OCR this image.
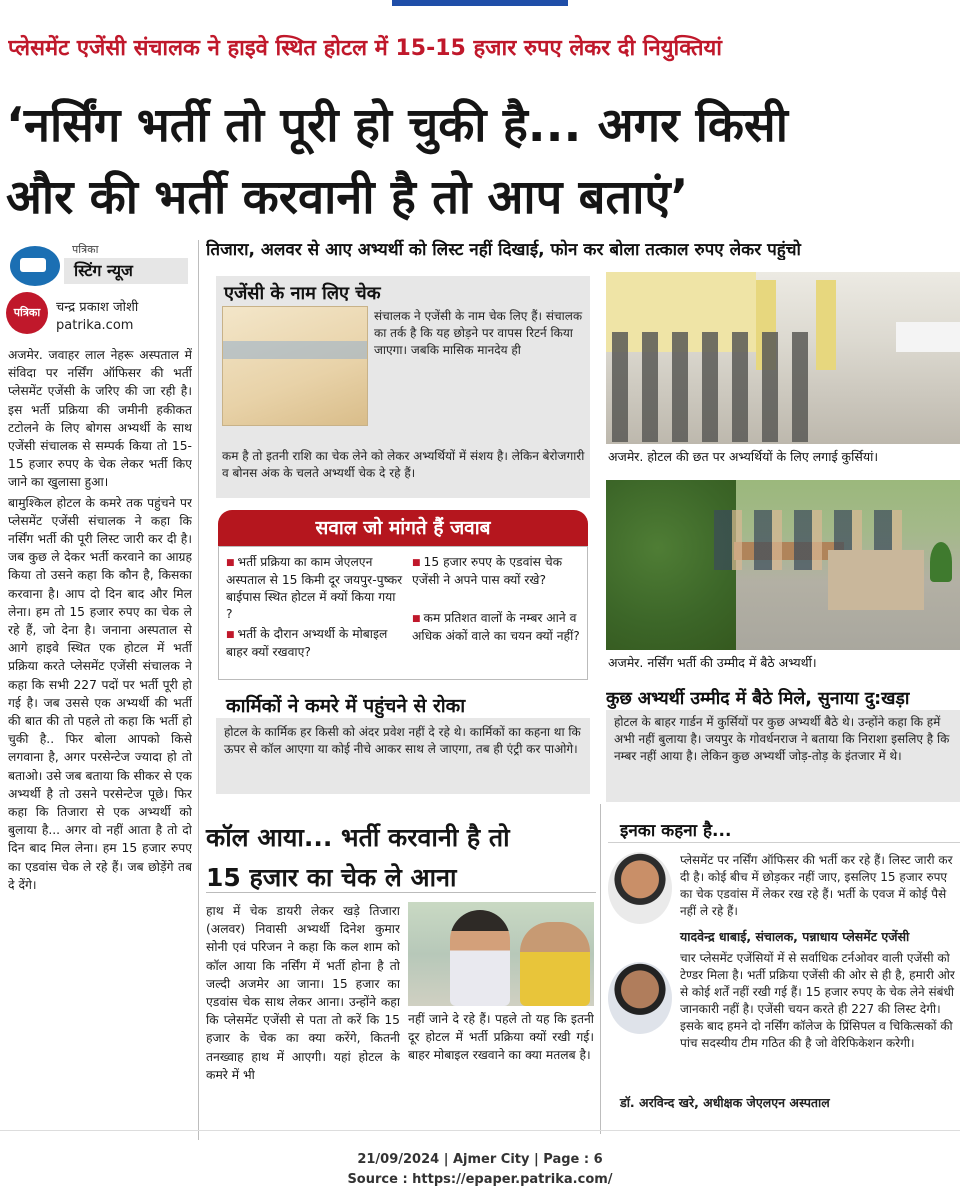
प्लेसमेंट एजेंसी संचालक ने हाइवे स्थित होटल में 15-15 हजार रुपए लेकर दी नियुक्तियां
‘नर्सिंग भर्ती तो पूरी हो चुकी है... अगर किसी
और की भर्ती करवानी है तो आप बताएं’
पत्रिका
स्टिंग न्यूज
तिजारा, अलवर से आए अभ्यर्थी को लिस्ट नहीं दिखाई, फोन कर बोला तत्काल रुपए लेकर पहुंचो
पत्रिका	चन्द्र प्रकाश जोशी
patrika.com

अजमेर. जवाहर लाल नेहरू अस्पताल में संविदा पर नर्सिंग ऑफिसर की भर्ती प्लेसमेंट एजेंसी के जरिए की जा रही है। इस भर्ती प्रक्रिया की जमीनी हकीकत टटोलने के लिए बोगस अभ्यर्थी के साथ एजेंसी संचालक से सम्पर्क किया तो 15-15 हजार रुपए के चेक लेकर भर्ती किए जाने का खुलासा हुआ।

बामुश्किल होटल के कमरे तक पहुंचने पर प्लेसमेंट एजेंसी संचालक ने कहा कि नर्सिंग भर्ती की पूरी लिस्ट जारी कर दी है। जब कुछ ले देकर भर्ती करवाने का आग्रह किया तो उसने कहा कि कौन है, किसका करवाना है। आप दो दिन बाद और मिल लेना। हम तो 15 हजार रुपए का चेक ले रहे हैं, जो देना है। जनाना अस्पताल से आगे हाइवे स्थित एक होटल में भर्ती प्रक्रिया करते प्लेसमेंट एजेंसी संचालक ने कहा कि सभी 227 पदों पर भर्ती पूरी हो गई है। जब उससे एक अभ्यर्थी की भर्ती की बात की तो पहले तो कहा कि भर्ती हो चुकी है.. फिर बोला आपको किसे लगवाना है, अगर परसेन्टेज ज्यादा हो तो बताओ। उसे जब बताया कि सीकर से एक अभ्यर्थी है तो उसने परसेन्टेज पूछे। फिर कहा कि तिजारा से एक अभ्यर्थी को बुलाया है... अगर वो नहीं आता है तो दो दिन बाद मिल लेना। हम 15 हजार रुपए का एडवांस चेक ले रहे हैं। जब छोड़ेंगे तब दे देंगे।

एजेंसी के नाम लिए चेक
संचालक ने एजेंसी के नाम चेक लिए हैं। संचालक का तर्क है कि यह छोड़ने पर वापस रिटर्न किया जाएगा। जबकि मासिक मानदेय ही
कम है तो इतनी राशि का चेक लेने को लेकर अभ्यर्थियों में संशय है। लेकिन बेरोजगारी व बोनस अंक के चलते अभ्यर्थी चेक दे रहे हैं।
अजमेर. होटल की छत पर अभ्यर्थियों के लिए लगाई कुर्सियां।
सवाल जो मांगते हैं जवाब
■ भर्ती प्रक्रिया का काम जेएलएन अस्पताल से 15 किमी दूर जयपुर-पुष्कर बाईपास स्थित होटल में क्यों किया गया ?
■ भर्ती के दौरान अभ्यर्थी के मोबाइल बाहर क्यों रखवाए?
■ 15 हजार रुपए के एडवांस चेक एजेंसी ने अपने पास क्यों रखे?
■ कम प्रतिशत वालों के नम्बर आने व अधिक अंकों वाले का चयन क्यों नहीं?
अजमेर. नर्सिंग भर्ती की उम्मीद में बैठे अभ्यर्थी।
कार्मिकों ने कमरे में पहुंचने से रोका
होटल के कार्मिक हर किसी को अंदर प्रवेश नहीं दे रहे थे। कार्मिकों का कहना था कि ऊपर से कॉल आएगा या कोई नीचे आकर साथ ले जाएगा, तब ही एंट्री कर पाओगे।
कुछ अभ्यर्थी उम्मीद में बैठे मिले, सुनाया दु:खड़ा
होटल के बाहर गार्डन में कुर्सियों पर कुछ अभ्यर्थी बैठे थे। उन्होंने कहा कि हमें अभी नहीं बुलाया है। जयपुर के गोवर्धनराज ने बताया कि निराशा इसलिए है कि नम्बर नहीं आया है। लेकिन कुछ अभ्यर्थी जोड़-तोड़ के इंतजार में थे।
कॉल आया... भर्ती करवानी है तो
15 हजार का चेक ले आना
हाथ में चेक डायरी लेकर खड़े तिजारा (अलवर) निवासी अभ्यर्थी दिनेश कुमार सोनी एवं परिजन ने कहा कि कल शाम को कॉल आया कि नर्सिंग में भर्ती होना है तो जल्दी अजमेर आ जाना। 15 हजार का एडवांस चेक साथ लेकर आना। उन्होंने कहा कि प्लेसमेंट एजेंसी से पता तो करें कि 15 हजार के चेक का क्या करेंगे, कितनी तनख्वाह हाथ में आएगी। यहां होटल के कमरे में भी
नहीं जाने दे रहे हैं। पहले तो यह कि इतनी दूर होटल में भर्ती प्रक्रिया क्यों रखी गई। बाहर मोबाइल रखवाने का क्या मतलब है।
इनका कहना है...
प्लेसमेंट पर नर्सिंग ऑफिसर की भर्ती कर रहे हैं। लिस्ट जारी कर दी है। कोई बीच में छोड़कर नहीं जाए, इसलिए 15 हजार रुपए का चेक एडवांस में लेकर रख रहे हैं। भर्ती के एवज में कोई पैसे नहीं ले रहे हैं।
यादवेन्द्र धाबाई, संचालक, पन्नाधाय प्लेसमेंट एजेंसी
चार प्लेसमेंट एजेंसियों में से सर्वाधिक टर्नओवर वाली एजेंसी को टेण्डर मिला है। भर्ती प्रक्रिया एजेंसी की ओर से ही है, हमारी ओर से कोई शर्तें नहीं रखी गई हैं। 15 हजार रुपए के चेक लेने संबंधी जानकारी नहीं है। एजेंसी चयन करते ही 227 की लिस्ट देगी। इसके बाद हमने दो नर्सिंग कॉलेज के प्रिंसिपल व चिकित्सकों की पांच सदस्यीय टीम गठित की है जो वेरिफिकेशन करेगी।
डॉ. अरविन्द खरे, अधीक्षक जेएलएन अस्पताल
21/09/2024 | Ajmer City | Page : 6
Source : https://epaper.patrika.com/
